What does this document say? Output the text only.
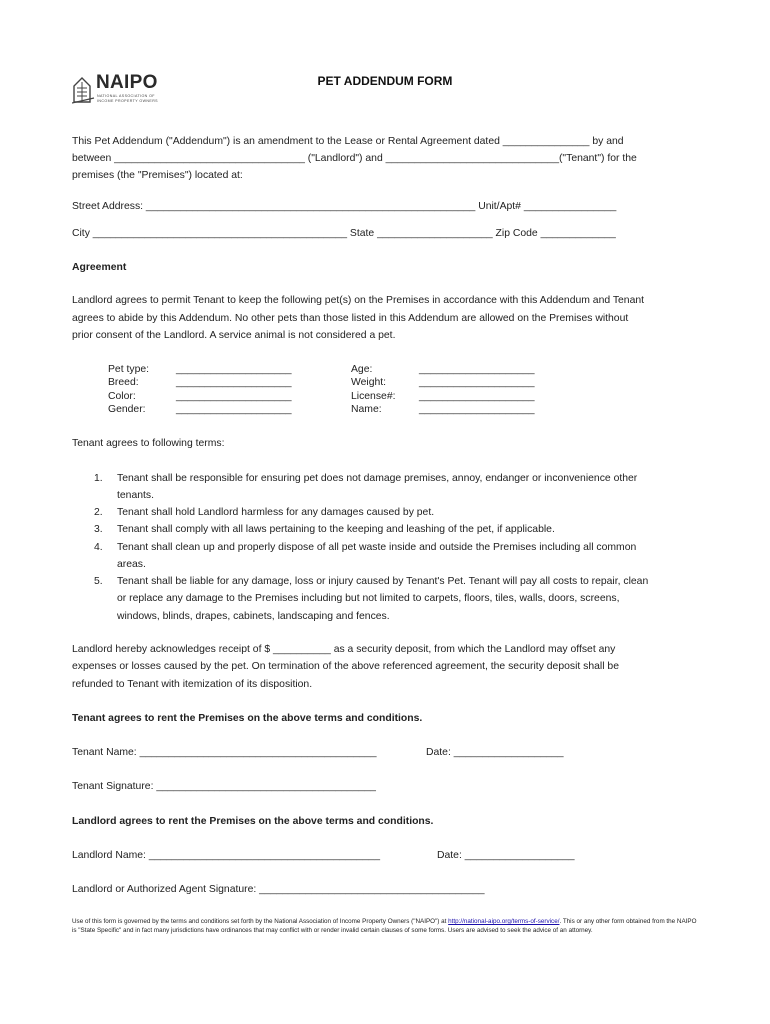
NAIPO
NATIONAL ASSOCIATION OF
INCOME PROPERTY OWNERS
PET ADDENDUM FORM
This Pet Addendum ("Addendum") is an amendment to the Lease or Rental Agreement dated _______________ by and
between _________________________________ ("Landlord") and ______________________________("Tenant") for the
premises (the "Premises") located at:
Street Address: _________________________________________________________ Unit/Apt# ________________
City ____________________________________________ State ____________________ Zip Code _____________
Agreement
Landlord agrees to permit Tenant to keep the following pet(s) on the Premises in accordance with this Addendum and Tenant
agrees to abide by this Addendum. No other pets than those listed in this Addendum are allowed on the Premises without
prior consent of the Landlord. A service animal is not considered a pet.
Pet type:
Breed:
Color:
Gender:
____________________
____________________
____________________
____________________
Age:
Weight:
License#:
Name:
____________________
____________________
____________________
____________________
Tenant agrees to following terms:
1. Tenant shall be responsible for ensuring pet does not damage premises, annoy, endanger or inconvenience other
tenants.
2. Tenant shall hold Landlord harmless for any damages caused by pet.
3. Tenant shall comply with all laws pertaining to the keeping and leashing of the pet, if applicable.
4. Tenant shall clean up and properly dispose of all pet waste inside and outside the Premises including all common
areas.
5. Tenant shall be liable for any damage, loss or injury caused by Tenant's Pet. Tenant will pay all costs to repair, clean
or replace any damage to the Premises including but not limited to carpets, floors, tiles, walls, doors, screens,
windows, blinds, drapes, cabinets, landscaping and fences.
Landlord hereby acknowledges receipt of $ __________ as a security deposit, from which the Landlord may offset any
expenses or losses caused by the pet. On termination of the above referenced agreement, the security deposit shall be
refunded to Tenant with itemization of its disposition.
Tenant agrees to rent the Premises on the above terms and conditions.
Tenant Name: _________________________________________	Date: ___________________
Tenant Signature: ______________________________________
Landlord agrees to rent the Premises on the above terms and conditions.
Landlord Name: ________________________________________	Date: ___________________
Landlord or Authorized Agent Signature: _______________________________________
Use of this form is governed by the terms and conditions set forth by the National Association of Income Property Owners ("NAIPO") at http://national-aipo.org/terms-of-service/. This or any other form obtained from the NAIPO is "State Specific" and in fact many jurisdictions have ordinances that may conflict with or render invalid certain clauses of some forms. Users are advised to seek the advice of an attorney.
